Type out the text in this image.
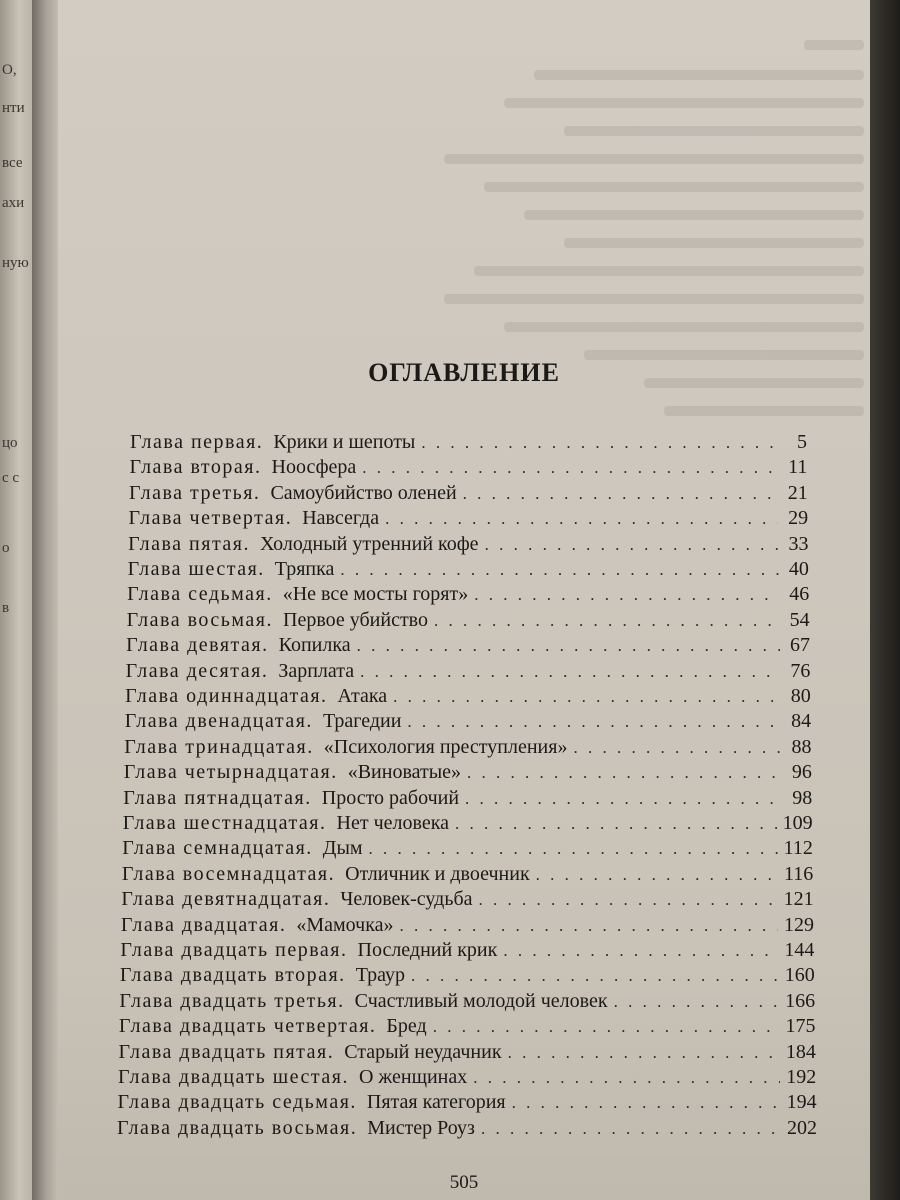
O,
нти
все
ахи
ную
цо
с с
о
в
ОГЛАВЛЕНИЕ
Глава первая. Крики и шепоты . . .	5
Глава вторая. Ноосфера . . .	11
Глава третья. Самоубийство оленей . . .	21
Глава четвертая. Навсегда . . .	29
Глава пятая. Холодный утренний кофе . . .	33
Глава шестая. Тряпка . . .	40
Глава седьмая. «Не все мосты горят» . . .	46
Глава восьмая. Первое убийство . . .	54
Глава девятая. Копилка . . .	67
Глава десятая. Зарплата . . .	76
Глава одиннадцатая. Атака . . .	80
Глава двенадцатая. Трагедии . . .	84
Глава тринадцатая. «Психология преступления» . . .	88
Глава четырнадцатая. «Виноватые» . . .	96
Глава пятнадцатая. Просто рабочий . . .	98
Глава шестнадцатая. Нет человека . . .	109
Глава семнадцатая. Дым . . .	112
Глава восемнадцатая. Отличник и двоечник . . .	116
Глава девятнадцатая. Человек-судьба . . .	121
Глава двадцатая. «Мамочка» . . .	129
Глава двадцать первая. Последний крик . . .	144
Глава двадцать вторая. Траур . . .	160
Глава двадцать третья. Счастливый молодой человек . . .	166
Глава двадцать четвертая. Бред . . .	175
Глава двадцать пятая. Старый неудачник . . .	184
Глава двадцать шестая. О женщинах . . .	192
Глава двадцать седьмая. Пятая категория . . .	194
Глава двадцать восьмая. Мистер Роуз . . .	202
505
